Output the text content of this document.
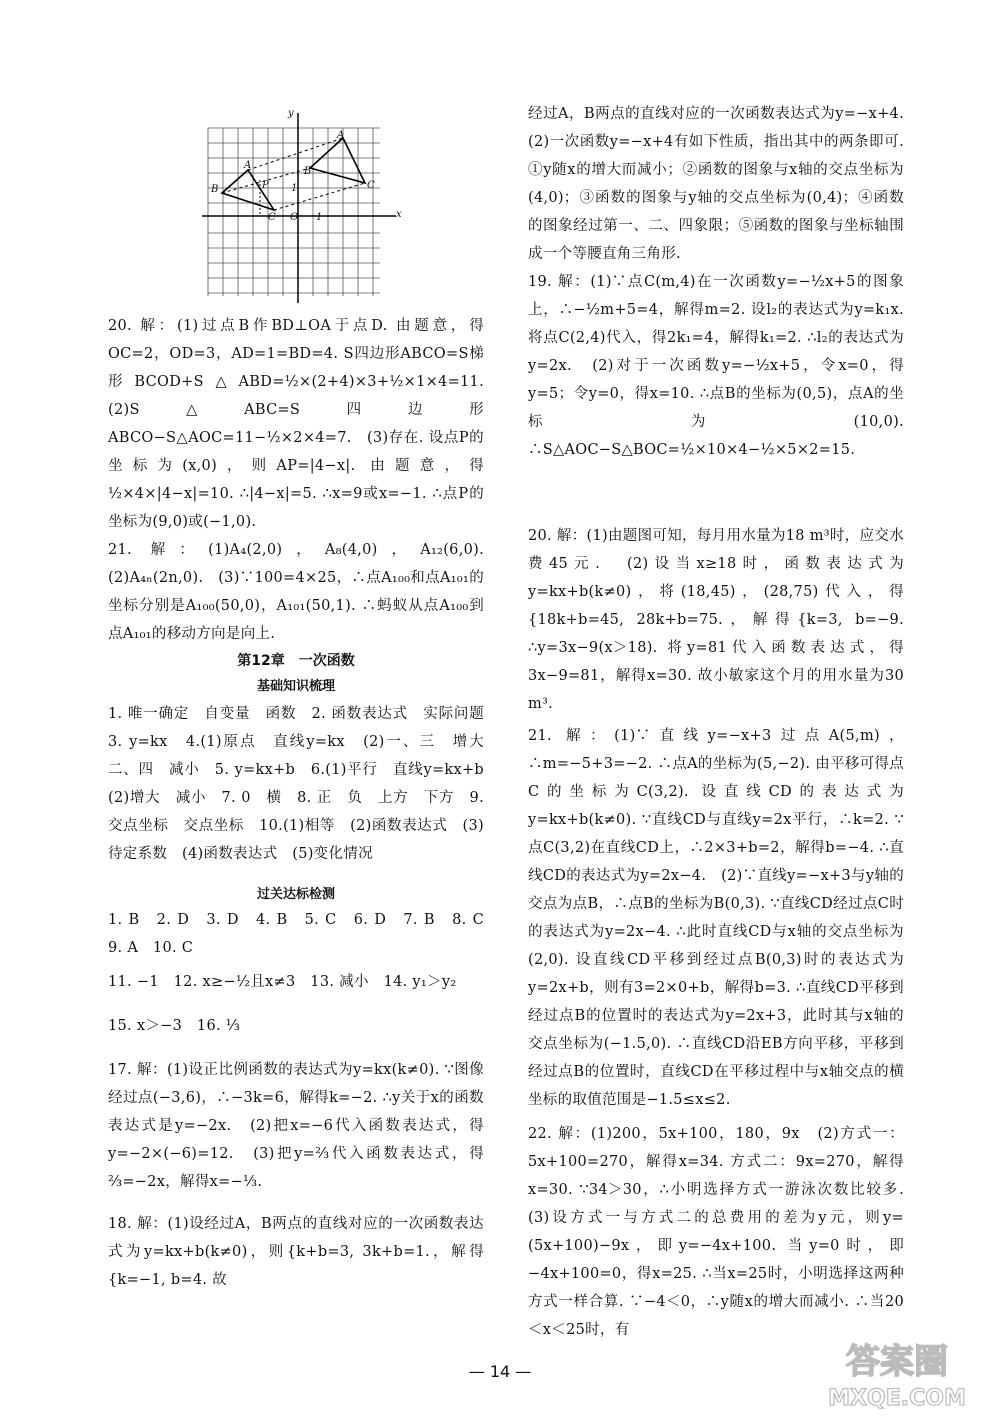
y
x
A
B
C
P
B
A
C
O
1
1
20. 解：(1)过点B作BD⊥OA于点D. 由题意，得OC=2，OD=3，AD=1=BD=4. S四边形ABCO=S梯形BCOD+S△ABD=½×(2+4)×3+½×1×4=11.　(2)S△ABC=S四边形ABCO−S△AOC=11−½×2×4=7.　(3)存在. 设点P的坐标为(x,0)，则AP=|4−x|. 由题意，得½×4×|4−x|=10. ∴|4−x|=5. ∴x=9或x=−1. ∴点P的坐标为(9,0)或(−1,0).
21. 解：(1)A₄(2,0)，A₈(4,0)，A₁₂(6,0).　(2)A₄ₙ(2n,0).　(3)∵100=4×25，∴点A₁₀₀和点A₁₀₁的坐标分别是A₁₀₀(50,0)，A₁₀₁(50,1). ∴蚂蚁从点A₁₀₀到点A₁₀₁的移动方向是向上.
第12章　一次函数
基础知识梳理
1. 唯一确定　自变量　函数　2. 函数表达式　实际问题　3. y=kx　4.(1)原点　直线y=kx　(2)一、三　增大　二、四　减小　5. y=kx+b　6.(1)平行　直线y=kx+b　(2)增大　减小　7. 0　横　8. 正　负　上方　下方　9. 交点坐标　交点坐标　10.(1)相等　(2)函数表达式　(3)待定系数　(4)函数表达式　(5)变化情况
过关达标检测
1. B　2. D　3. D　4. B　5. C　6. D　7. B　8. C　9. A　10. C
11. −1　12. x≥−½且x≠3　13. 减小　14. y₁＞y₂
15. x＞−3　16. ⅓
17. 解：(1)设正比例函数的表达式为y=kx(k≠0). ∵图像经过点(−3,6)，∴−3k=6，解得k=−2. ∴y关于x的函数表达式是y=−2x.　(2)把x=−6代入函数表达式，得y=−2×(−6)=12.　(3)把y=⅔代入函数表达式，得⅔=−2x，解得x=−⅓.
18. 解：(1)设经过A，B两点的直线对应的一次函数表达式为y=kx+b(k≠0)，则{k+b=3, 3k+b=1.，解得{k=−1, b=4. 故
经过A，B两点的直线对应的一次函数表达式为y=−x+4.　(2)一次函数y=−x+4有如下性质，指出其中的两条即可. ①y随x的增大而减小；②函数的图象与x轴的交点坐标为(4,0)；③函数的图象与y轴的交点坐标为(0,4)；④函数的图象经过第一、二、四象限；⑤函数的图象与坐标轴围成一个等腰直角三角形.
19. 解：(1)∵点C(m,4)在一次函数y=−½x+5的图象上，∴−½m+5=4，解得m=2. 设l₂的表达式为y=k₁x. 将点C(2,4)代入，得2k₁=4，解得k₁=2. ∴l₂的表达式为y=2x.　(2)对于一次函数y=−½x+5，令x=0，得y=5；令y=0，得x=10. ∴点B的坐标为(0,5)，点A的坐标为(10,0). ∴S△AOC−S△BOC=½×10×4−½×5×2=15.
20. 解：(1)由题图可知，每月用水量为18 m³时，应交水费45元.　(2)设当x≥18时，函数表达式为y=kx+b(k≠0)，将(18,45)，(28,75)代入，得{18k+b=45, 28k+b=75.，解得{k=3, b=−9. ∴y=3x−9(x＞18). 将y=81代入函数表达式，得3x−9=81，解得x=30. 故小敏家这个月的用水量为30 m³.
21. 解：(1)∵直线y=−x+3过点A(5,m)，∴m=−5+3=−2. ∴点A的坐标为(5,−2). 由平移可得点C的坐标为C(3,2). 设直线CD的表达式为y=kx+b(k≠0). ∵直线CD与直线y=2x平行，∴k=2. ∵点C(3,2)在直线CD上，∴2×3+b=2，解得b=−4. ∴直线CD的表达式为y=2x−4.　(2)∵直线y=−x+3与y轴的交点为点B，∴点B的坐标为B(0,3). ∵直线CD经过点C时的表达式为y=2x−4. ∴此时直线CD与x轴的交点坐标为(2,0). 设直线CD平移到经过点B(0,3)时的表达式为y=2x+b，则有3=2×0+b，解得b=3. ∴直线CD平移到经过点B的位置时的表达式为y=2x+3，此时其与x轴的交点坐标为(−1.5,0). ∴直线CD沿EB方向平移，平移到经过点B的位置时，直线CD在平移过程中与x轴交点的横坐标的取值范围是−1.5≤x≤2.
22. 解：(1)200，5x+100，180，9x　(2)方式一：5x+100=270，解得x=34. 方式二：9x=270，解得x=30. ∵34＞30，∴小明选择方式一游泳次数比较多.　(3)设方式一与方式二的总费用的差为y元，则y=(5x+100)−9x，即y=−4x+100. 当y=0时，即−4x+100=0，得x=25. ∴当x=25时，小明选择这两种方式一样合算. ∵−4＜0，∴y随x的增大而减小. ∴当20＜x＜25时，有
— 14 —	答案圈
MXQE.COM
